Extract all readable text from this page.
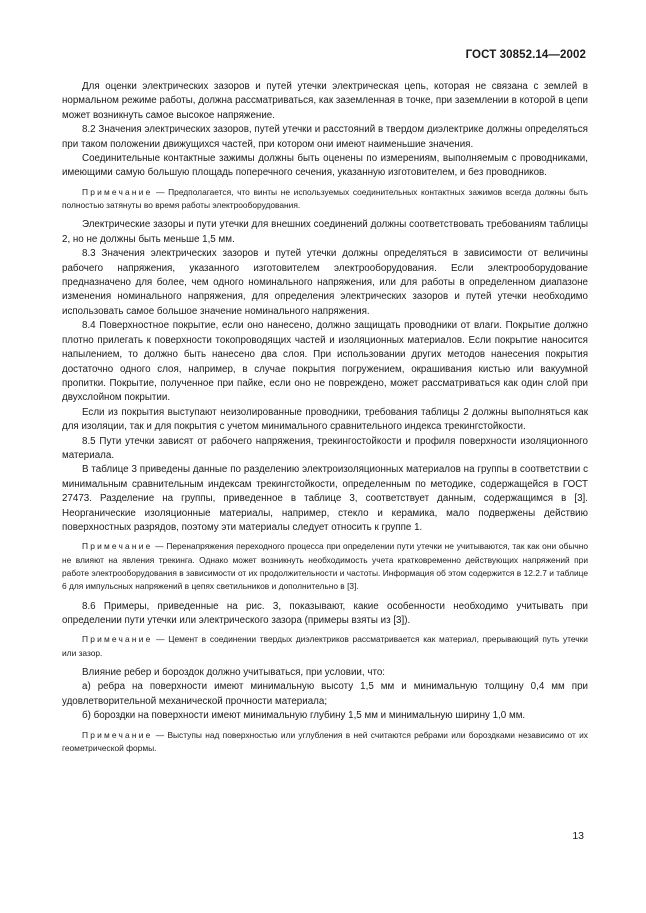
ГОСТ 30852.14—2002

Для оценки электрических зазоров и путей утечки электрическая цепь, которая не связана с землей в нормальном режиме работы, должна рассматриваться, как заземленная в точке, при заземлении в которой в цепи может возникнуть самое высокое напряжение.

8.2 Значения электрических зазоров, путей утечки и расстояний в твердом диэлектрике должны определяться при таком положении движущихся частей, при котором они имеют наименьшие значения.

Соединительные контактные зажимы должны быть оценены по измерениям, выполняемым с проводниками, имеющими самую большую площадь поперечного сечения, указанную изготовителем, и без проводников.

Примечание — Предполагается, что винты не используемых соединительных контактных зажимов всегда должны быть полностью затянуты во время работы электрооборудования.

Электрические зазоры и пути утечки для внешних соединений должны соответствовать требованиям таблицы 2, но не должны быть меньше 1,5 мм.

8.3 Значения электрических зазоров и путей утечки должны определяться в зависимости от величины рабочего напряжения, указанного изготовителем электрооборудования. Если электрооборудование предназначено для более, чем одного номинального напряжения, или для работы в определенном диапазоне изменения номинального напряжения, для определения электрических зазоров и путей утечки необходимо использовать самое большое значение номинального напряжения.

8.4 Поверхностное покрытие, если оно нанесено, должно защищать проводники от влаги. Покрытие должно плотно прилегать к поверхности токопроводящих частей и изоляционных материалов. Если покрытие наносится напылением, то должно быть нанесено два слоя. При использовании других методов нанесения покрытия достаточно одного слоя, например, в случае покрытия погружением, окрашивания кистью или вакуумной пропитки. Покрытие, полученное при пайке, если оно не повреждено, может рассматриваться как один слой при двухслойном покрытии.

Если из покрытия выступают неизолированные проводники, требования таблицы 2 должны выполняться как для изоляции, так и для покрытия с учетом минимального сравнительного индекса трекингстойкости.

8.5 Пути утечки зависят от рабочего напряжения, трекингостойкости и профиля поверхности изоляционного материала.

В таблице 3 приведены данные по разделению электроизоляционных материалов на группы в соответствии с минимальным сравнительным индексам трекингстойкости, определенным по методике, содержащейся в ГОСТ 27473. Разделение на группы, приведенное в таблице 3, соответствует данным, содержащимся в [3]. Неорганические изоляционные материалы, например, стекло и керамика, мало подвержены действию поверхностных разрядов, поэтому эти материалы следует относить к группе 1.

Примечание — Перенапряжения переходного процесса при определении пути утечки не учитываются, так как они обычно не влияют на явления трекинга. Однако может возникнуть необходимость учета кратковременно действующих напряжений при работе электрооборудования в зависимости от их продолжительности и частоты. Информация об этом содержится в 12.2.7 и таблице 6 для импульсных напряжений в цепях светильников и дополнительно в [3].

8.6 Примеры, приведенные на рис. 3, показывают, какие особенности необходимо учитывать при определении пути утечки или электрического зазора (примеры взяты из [3]).

Примечание — Цемент в соединении твердых диэлектриков рассматривается как материал, прерывающий путь утечки или зазор.

Влияние ребер и бороздок должно учитываться, при условии, что:

а) ребра на поверхности имеют минимальную высоту 1,5 мм и минимальную толщину 0,4 мм при удовлетворительной механической прочности материала;

б) бороздки на поверхности имеют минимальную глубину 1,5 мм и минимальную ширину 1,0 мм.

Примечание — Выступы над поверхностью или углубления в ней считаются ребрами или бороздками независимо от их геометрической формы.

13
